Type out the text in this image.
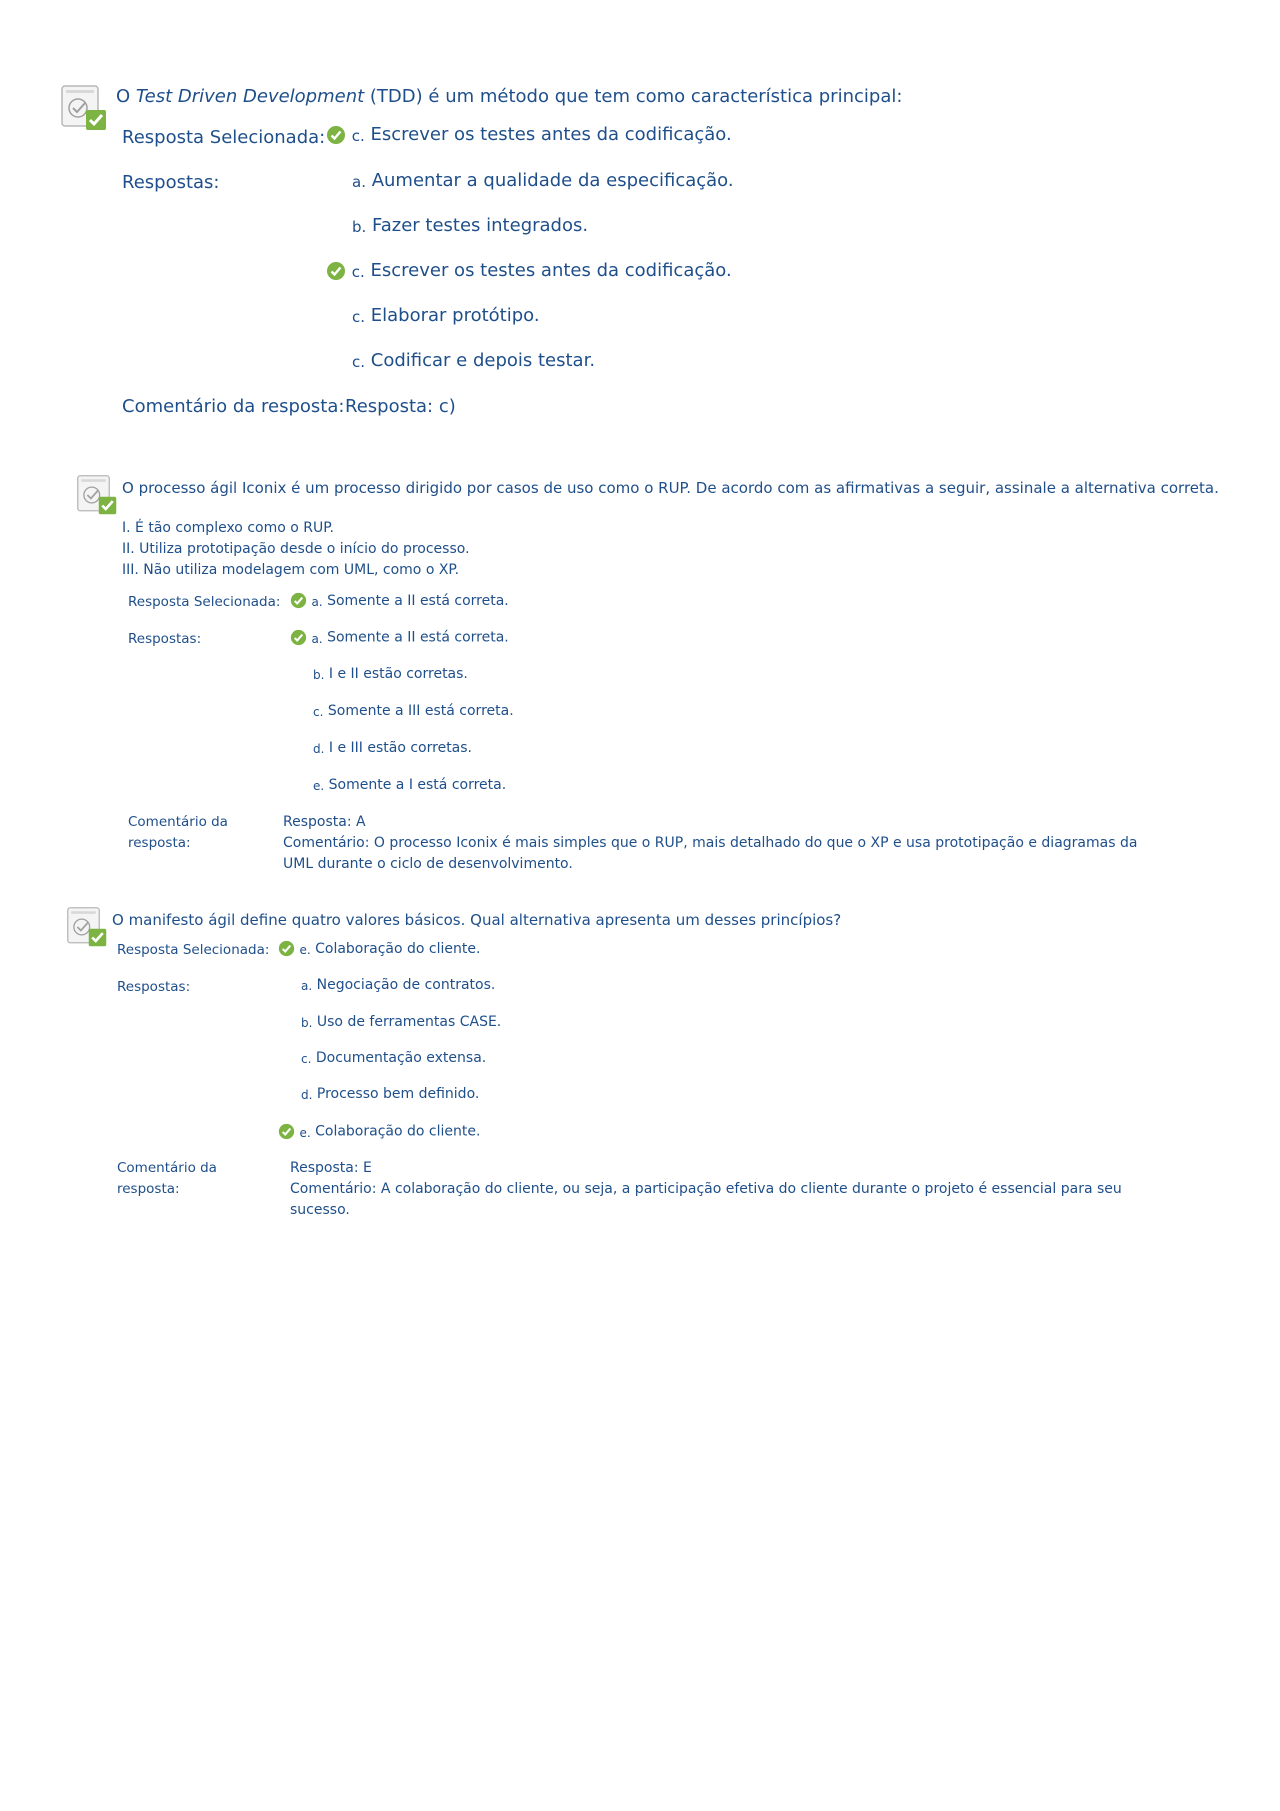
O Test Driven Development (TDD) é um método que tem como característica principal:
Resposta Selecionada:	c. Escrever os testes antes da codificação.
Respostas:	a. Aumentar a qualidade da especificação.
b. Fazer testes integrados.
c. Escrever os testes antes da codificação.
c. Elaborar protótipo.
c. Codificar e depois testar.
Comentário da resposta: Resposta: c)
O processo ágil Iconix é um processo dirigido por casos de uso como o RUP. De acordo com as afirmativas a seguir, assinale a alternativa correta.
I. É tão complexo como o RUP.
II. Utiliza prototipação desde o início do processo.
III. Não utiliza modelagem com UML, como o XP.
Resposta Selecionada:	a. Somente a II está correta.
Respostas:	a. Somente a II está correta.
b. I e II estão corretas.
c. Somente a III está correta.
d. I e III estão corretas.
e. Somente a I está correta.
Comentário da
resposta:
Resposta: A
Comentário: O processo Iconix é mais simples que o RUP, mais detalhado do que o XP e usa prototipação e diagramas da
UML durante o ciclo de desenvolvimento.
O manifesto ágil define quatro valores básicos. Qual alternativa apresenta um desses princípios?
Resposta Selecionada:	e. Colaboração do cliente.
Respostas:	a. Negociação de contratos.
b. Uso de ferramentas CASE.
c. Documentação extensa.
d. Processo bem definido.
e. Colaboração do cliente.
Comentário da
resposta:
Resposta: E
Comentário: A colaboração do cliente, ou seja, a participação efetiva do cliente durante o projeto é essencial para seu
sucesso.
